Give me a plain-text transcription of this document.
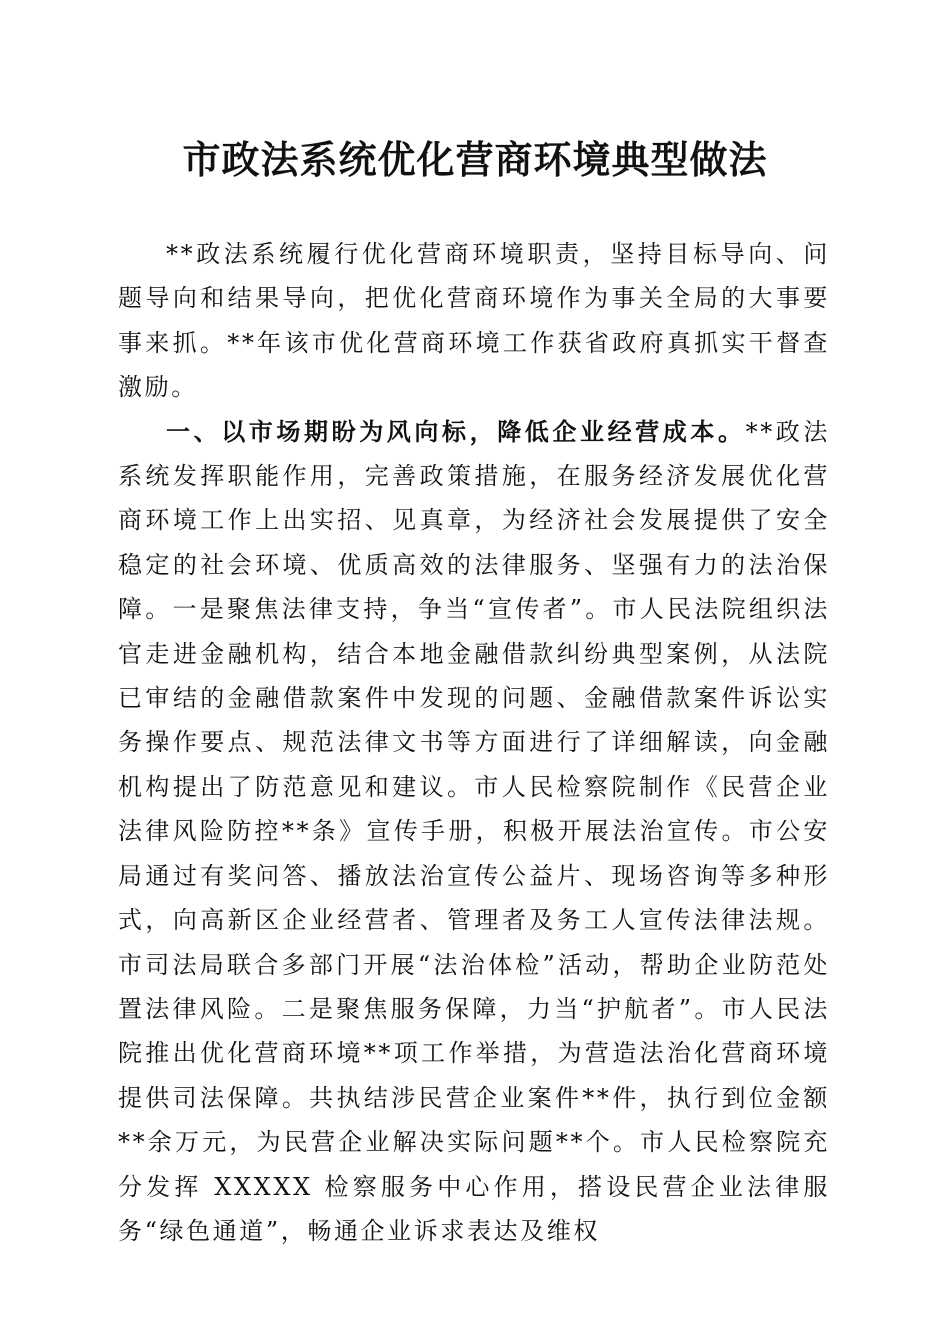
市政法系统优化营商环境典型做法

**政法系统履行优化营商环境职责，坚持目标导向、问题导向和结果导向，把优化营商环境作为事关全局的大事要事来抓。**年该市优化营商环境工作获省政府真抓实干督查激励。

一、以市场期盼为风向标，降低企业经营成本。**政法系统发挥职能作用，完善政策措施，在服务经济发展优化营商环境工作上出实招、见真章，为经济社会发展提供了安全稳定的社会环境、优质高效的法律服务、坚强有力的法治保障。一是聚焦法律支持，争当“宣传者”。市人民法院组织法官走进金融机构，结合本地金融借款纠纷典型案例，从法院已审结的金融借款案件中发现的问题、金融借款案件诉讼实务操作要点、规范法律文书等方面进行了详细解读，向金融机构提出了防范意见和建议。市人民检察院制作《民营企业法律风险防控**条》宣传手册，积极开展法治宣传。市公安局通过有奖问答、播放法治宣传公益片、现场咨询等多种形式，向高新区企业经营者、管理者及务工人宣传法律法规。市司法局联合多部门开展“法治体检”活动，帮助企业防范处置法律风险。二是聚焦服务保障，力当“护航者”。市人民法院推出优化营商环境**项工作举措，为营造法治化营商环境提供司法保障。共执结涉民营企业案件**件，执行到位金额**余万元，为民营企业解决实际问题**个。市人民检察院充分发挥 XXXXX 检察服务中心作用，搭设民营企业法律服务“绿色通道”，畅通企业诉求表达及维权
